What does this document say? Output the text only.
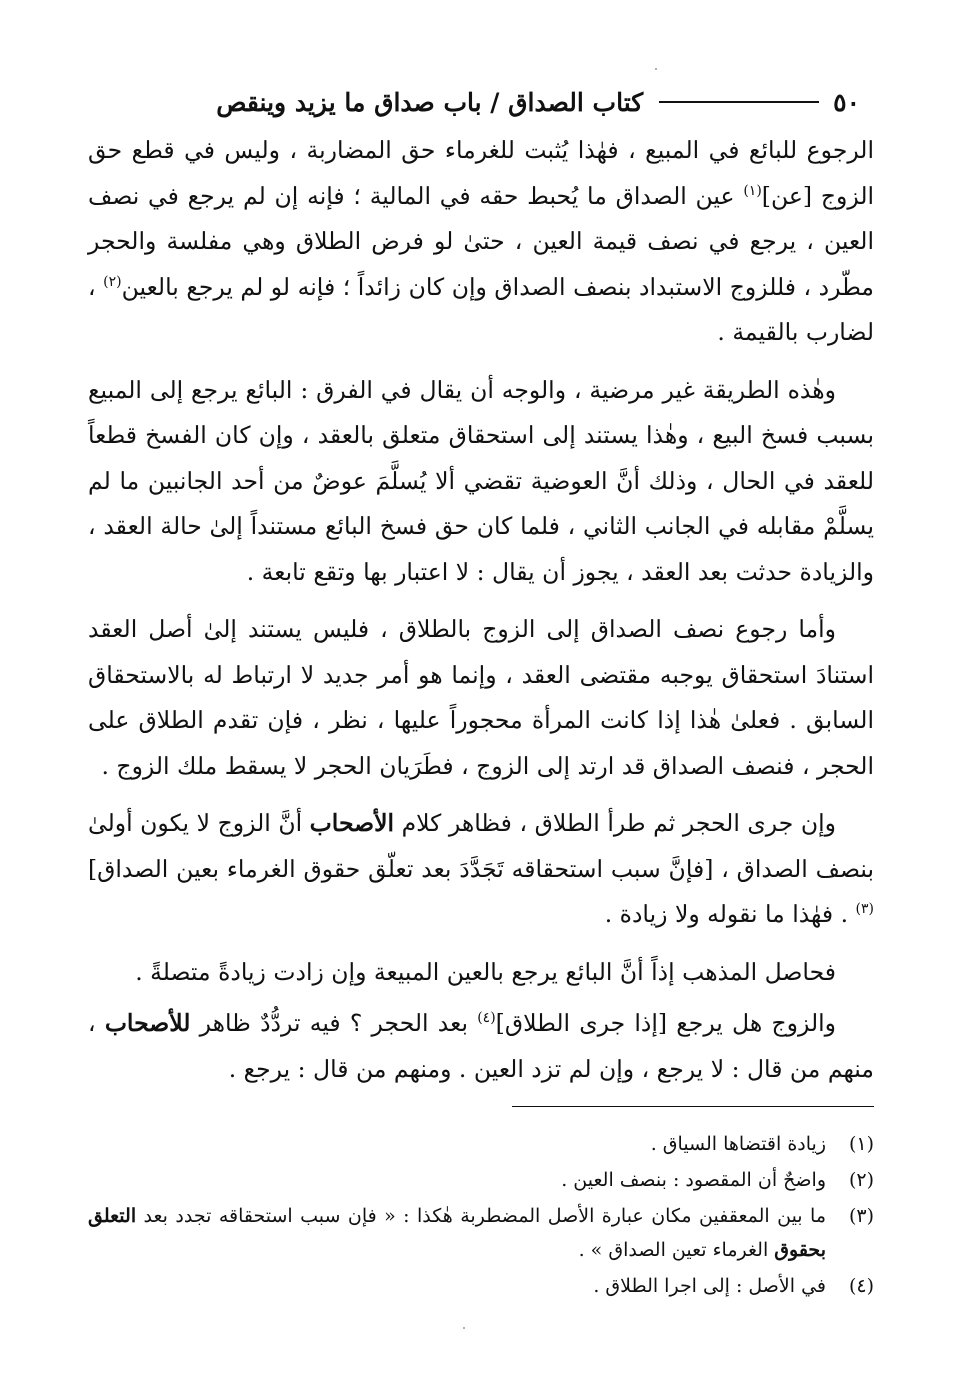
٥٠
كتاب الصداق / باب صداق ما يزيد وينقص

الرجوع للبائع في المبيع ، فهٰذا يُثبت للغرماء حق المضاربة ، وليس في قطع حق الزوج [عن]$^{(١)}$ عين الصداق ما يُحبط حقه في المالية ؛ فإنه إن لم يرجع في نصف العين ، يرجع في نصف قيمة العين ، حتىٰ لو فرض الطلاق وهي مفلسة والحجر مطّرد ، فللزوج الاستبداد بنصف الصداق وإن كان زائداً ؛ فإنه لو لم يرجع بالعين$^{(٢)}$ ، لضارب بالقيمة .

وهٰذه الطريقة غير مرضية ، والوجه أن يقال في الفرق : البائع يرجع إلى المبيع بسبب فسخ البيع ، وهٰذا يستند إلى استحقاق متعلق بالعقد ، وإن كان الفسخ قطعاً للعقد في الحال ، وذلك أنَّ العوضية تقضي ألا يُسلَّمَ عوضٌ من أحد الجانبين ما لم يسلَّمْ مقابله في الجانب الثاني ، فلما كان حق فسخ البائع مستنداً إلىٰ حالة العقد ، والزيادة حدثت بعد العقد ، يجوز أن يقال : لا اعتبار بها وتقع تابعة .

وأما رجوع نصف الصداق إلى الزوج بالطلاق ، فليس يستند إلىٰ أصل العقد استنادَ استحقاق يوجبه مقتضى العقد ، وإنما هو أمر جديد لا ارتباط له بالاستحقاق السابق . فعلىٰ هٰذا إذا كانت المرأة محجوراً عليها ، نظر ، فإن تقدم الطلاق على الحجر ، فنصف الصداق قد ارتد إلى الزوج ، فطَرَيان الحجر لا يسقط ملك الزوج .

وإن جرى الحجر ثم طرأ الطلاق ، فظاهر كلام الأصحاب أنَّ الزوج لا يكون أولىٰ بنصف الصداق ، [فإنَّ سبب استحقاقه تَجَدَّدَ بعد تعلّق حقوق الغرماء بعين الصداق]$^{(٣)}$ . فهٰذا ما نقوله ولا زيادة .

فحاصل المذهب إذاً أنَّ البائع يرجع بالعين المبيعة وإن زادت زيادةً متصلةً .

والزوج هل يرجع [إذا جرى الطلاق]$^{(٤)}$ بعد الحجر ؟ فيه تردُّدٌ ظاهر للأصحاب ، منهم من قال : لا يرجع ، وإن لم تزد العين . ومنهم من قال : يرجع .

(١)
زيادة اقتضاها السياق .
(٢)
واضحٌ أن المقصود : بنصف العين .
(٣)
ما بين المعقفين مكان عبارة الأصل المضطربة هٰكذا : « فإن سبب استحقاقه تجدد بعد التعلق بحقوق الغرماء تعين الصداق » .
(٤)
في الأصل : إلى اجرا الطلاق .
